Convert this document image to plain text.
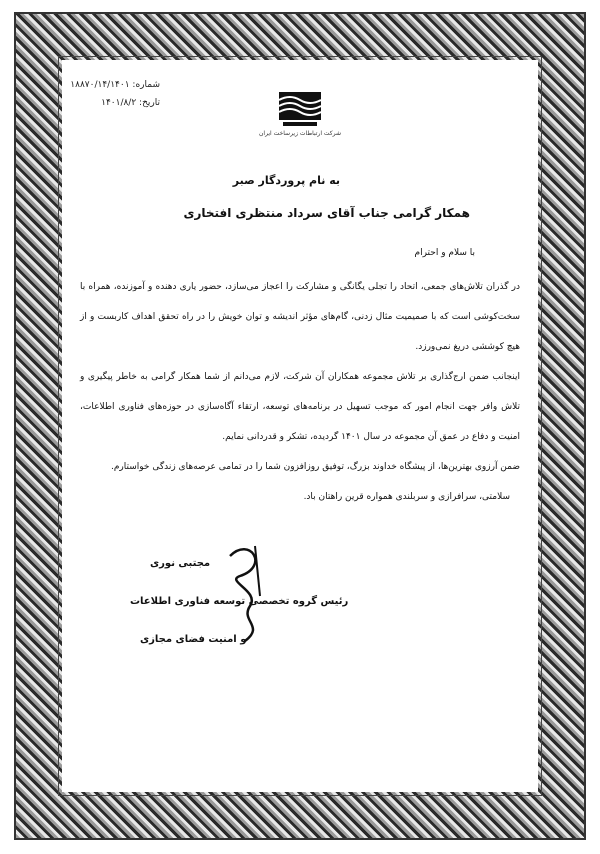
شماره: ۱۸۸۷۰/۱۴/۱۴۰۱
تاریخ: ۱۴۰۱/۸/۲
شرکت ارتباطات زیرساخت ایران
به نام پروردگار صبر
همکار گرامی جناب آقای سرداد منتظری افتخاری
با سلام و احترام

در گذران تلاش‌های جمعی، اتحاد را تجلی یگانگی و مشارکت را اعجاز می‌سازد، حضور یاری دهنده و آموزنده، همراه با سخت‌کوشی است که با صمیمیت مثال زدنی، گام‌های مؤثر اندیشه و توان خویش را در راه تحقق اهداف کاربست و از هیچ کوششی دریغ نمی‌ورزد.

اینجانب ضمن ارج‌گذاری بر تلاش مجموعه همکاران آن شرکت، لازم می‌دانم از شما همکار گرامی به خاطر پیگیری و تلاش وافر جهت انجام امور که موجب تسهیل در برنامه‌های توسعه، ارتقاء آگاه‌سازی در حوزه‌های فناوری اطلاعات، امنیت و دفاع در عمق آن مجموعه در سال ۱۴۰۱ گردیده، تشکر و قدردانی نمایم.

ضمن آرزوی بهترین‌ها، از پیشگاه خداوند بزرگ، توفیق روزافزون شما را در تمامی عرصه‌های زندگی خواستارم.

سلامتی، سرافرازی و سربلندی همواره قرین راهتان باد.
مجتبی نوری
رئیس گروه تخصصی توسعه فناوری اطلاعات
و امنیت فضای مجازی
